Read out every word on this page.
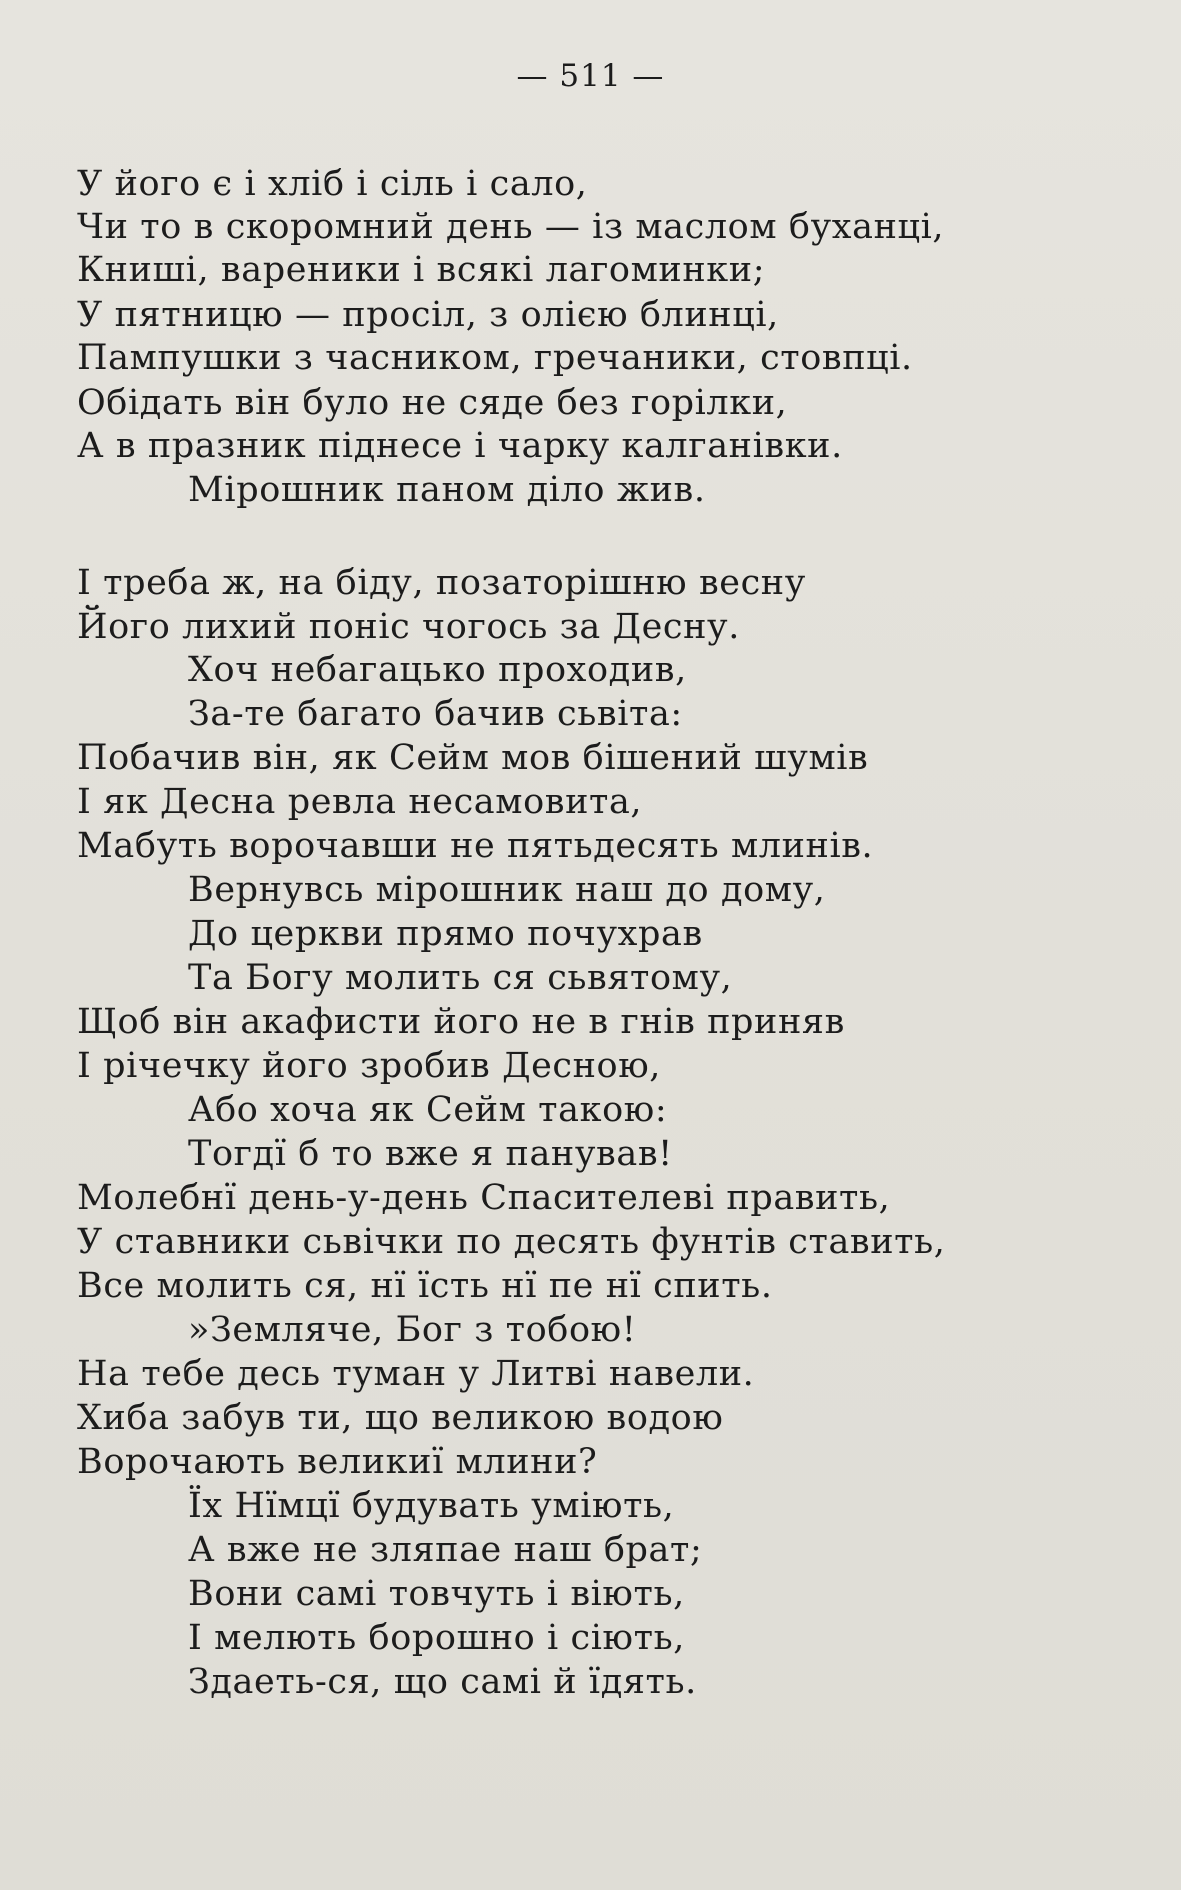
— 511 —
У його є і хліб і сіль і сало,
Чи то в скоромний день — із маслом буханці,
Книші, вареники і всякі лагоминки;
У пятницю — просіл, з олією блинці,
Пампушки з часником, гречаники, стовпці.
Обідать він було не сяде без горілки,
А в празник піднесе і чарку калганівки.
Мірошник паном діло жив.
І треба ж, на біду, позаторішню весну
Його лихий поніс чогось за Десну.
Хоч небагацько проходив,
За-те багато бачив сьвіта:
Побачив він, як Сейм мов бішений шумів
І як Десна ревла несамовита,
Мабуть ворочавши не пятьдесять млинів.
Вернувсь мірошник наш до дому,
До церкви прямо почухрав
Та Богу молить ся сьвятому,
Щоб він акафисти його не в гнів приняв
І річечку його зробив Десною,
Або хоча як Сейм такою:
Тогдї б то вже я панував!
Молебнї день-у-день Спасителеві править,
У ставники сьвічки по десять фунтів ставить,
Все молить ся, нї їсть нї пе нї спить.
»Земляче, Бог з тобою!
На тебе десь туман у Литві навели.
Хиба забув ти, що великою водою
Ворочають великиї млини?
Їх Нїмцї будувать уміють,
А вже не зляпае наш брат;
Вони самі товчуть і віють,
І мелють борошно і сіють,
Здаеть-ся, що самі й їдять.
